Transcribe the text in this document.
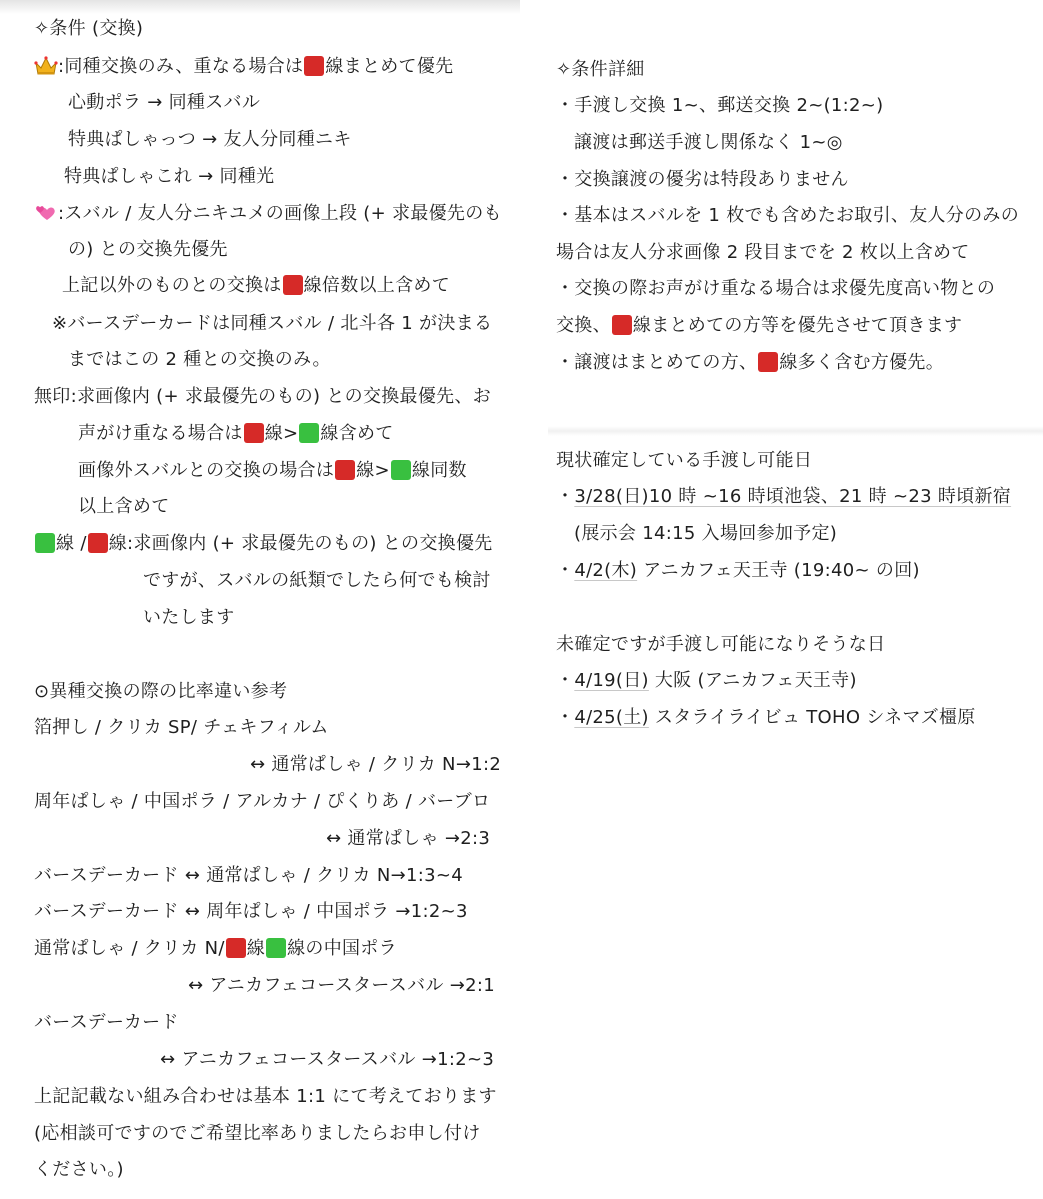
✧条件 (交換)
:同種交換のみ、重なる場合は 線まとめて優先
心動ポラ → 同種スバル
特典ぱしゃっつ → 友人分同種ニキ
特典ぱしゃこれ → 同種光
:スバル / 友人分ニキユメの画像上段 (+ 求最優先のも
の) との交換先優先
上記以外のものとの交換は 線倍数以上含めて
※バースデーカードは同種スバル / 北斗各 1 が決まる
まではこの 2 種との交換のみ。
無印:求画像内 (+ 求最優先のもの) との交換最優先、お
声がけ重なる場合は 線> 線含めて
画像外スバルとの交換の場合は 線> 線同数
以上含めて
線 / 線:求画像内 (+ 求最優先のもの) との交換優先
ですが、スバルの紙類でしたら何でも検討
いたします
⊙異種交換の際の比率違い参考
箔押し / クリカ SP/ チェキフィルム
↔ 通常ぱしゃ / クリカ N→1:2
周年ぱしゃ / 中国ポラ / アルカナ / ぴくりあ / バーブロ
↔ 通常ぱしゃ →2:3
バースデーカード ↔ 通常ぱしゃ / クリカ N→1:3~4
バースデーカード ↔ 周年ぱしゃ / 中国ポラ →1:2~3
通常ぱしゃ / クリカ N/ 線 線の中国ポラ
↔ アニカフェコースタースバル →2:1
バースデーカード
↔ アニカフェコースタースバル →1:2~3
上記記載ない組み合わせは基本 1:1 にて考えております
(応相談可ですのでご希望比率ありましたらお申し付け
ください。)
✧条件詳細
・手渡し交換 1~、郵送交換 2~(1:2~)
譲渡は郵送手渡し関係なく 1~◎
・交換譲渡の優劣は特段ありません
・基本はスバルを 1 枚でも含めたお取引、友人分のみの
場合は友人分求画像 2 段目までを 2 枚以上含めて
・交換の際お声がけ重なる場合は求優先度高い物との
交換、 線まとめての方等を優先させて頂きます
・譲渡はまとめての方、 線多く含む方優先。
現状確定している手渡し可能日
・3/28(日)10 時 ~16 時頃池袋、21 時 ~23 時頃新宿
(展示会 14:15 入場回参加予定)
・4/2(木) アニカフェ天王寺 (19:40~ の回)
未確定ですが手渡し可能になりそうな日
・4/19(日) 大阪 (アニカフェ天王寺)
・4/25(土) スタライライビュ TOHO シネマズ橿原
